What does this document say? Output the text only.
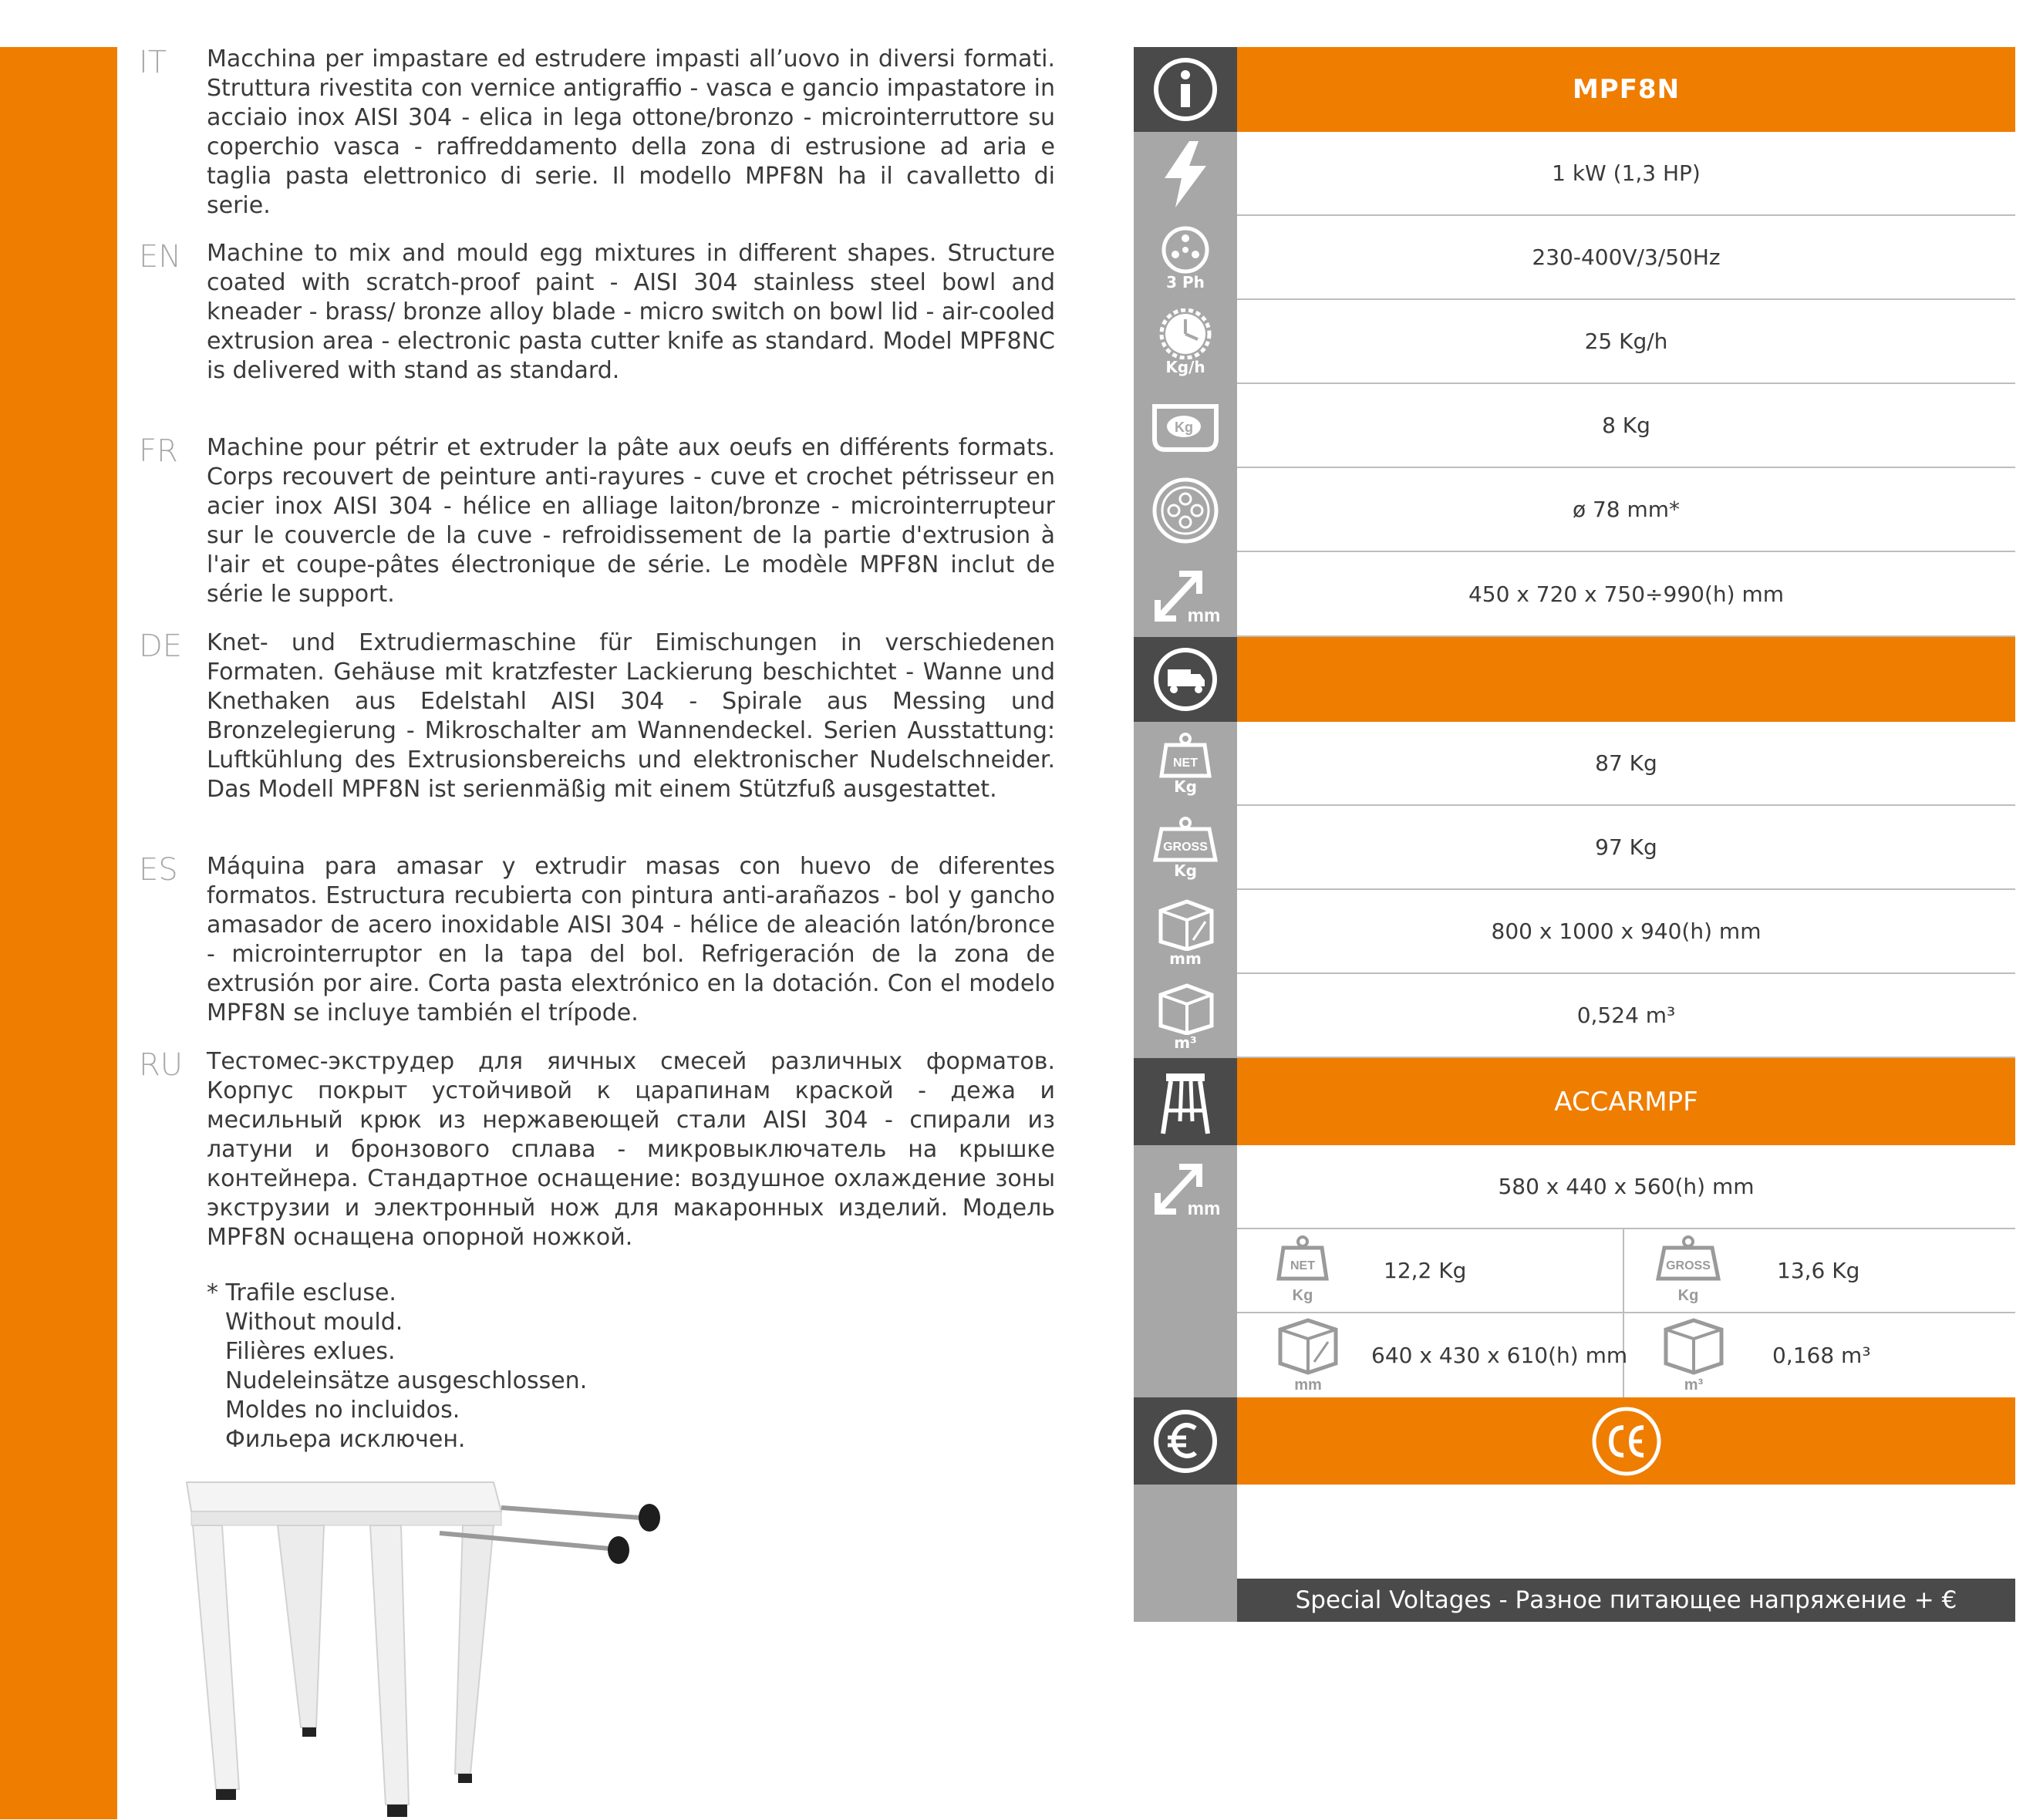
IT Macchina per impastare ed estrudere impasti all’uovo in diversi formati. Struttura rivestita con vernice antigraffio - vasca e gancio impastatore in acciaio inox AISI 304 - elica in lega ottone/bronzo - microinterruttore su coperchio vasca - raffreddamento della zona di estrusione ad aria e taglia pasta elettronico di serie. Il modello MPF8N ha il cavalletto di serie.
EN Machine to mix and mould egg mixtures in different shapes. Structure coated with scratch-proof paint - AISI 304 stainless steel bowl and kneader - brass/ bronze alloy blade - micro switch on bowl lid - air-cooled extrusion area - electronic pasta cutter knife as standard. Model MPF8NC is delivered with stand as standard.
FR Machine pour pétrir et extruder la pâte aux oeufs en différents formats. Corps recouvert de peinture anti-rayures - cuve et crochet pétrisseur en acier inox AISI 304 - hélice en alliage laiton/bronze - microinterrupteur sur le couvercle de la cuve - refroidissement de la partie d'extrusion à l'air et coupe-pâtes électronique de série. Le modèle MPF8N inclut de série le support.
DE Knet- und Extrudiermaschine für Eimischungen in verschiedenen Formaten. Gehäuse mit kratzfester Lackierung beschichtet - Wanne und Knethaken aus Edelstahl AISI 304 - Spirale aus Messing und Bronzelegierung - Mikroschalter am Wannendeckel. Serien Ausstattung: Luftkühlung des Extrusionsbereichs und elektronischer Nudelschneider. Das Modell MPF8N ist serienmäßig mit einem Stützfuß ausgestattet.
ES Máquina para amasar y extrudir masas con huevo de diferentes formatos. Estructura recubierta con pintura anti-arañazos - bol y gancho amasador de acero inoxidable AISI 304 - hélice de aleación latón/bronce - microinterruptor en la tapa del bol. Refrigeración de la zona de extrusión por aire. Corta pasta elextrónico en la dotación. Con el modelo MPF8N se incluye también el trípode.
RU Тестомес-экструдер для яичных смесей различных форматов. Корпус покрыт устойчивой к царапинам краской - дежа и месильный крюк из нержавеющей стали AISI 304 - спирали из латуни и бронзового сплава - микровыключатель на крышке контейнера. Стандартное оснащение: воздушное охлаждение зоны экструзии и электронный нож для макаронных изделий. Модель MPF8N оснащена опорной ножкой.
* Trafile escluse.
Without mould.
Filières exlues.
Nudeleinsätze ausgeschlossen.
Moldes no incluidos.
Фильера исключен.
MPF8N
1 kW (1,3 HP)
3 Ph
230-400V/3/50Hz
Kg/h
25 Kg/h
Kg	8 Kg
ø 78 mm*
mm
450 x 720 x 750÷990(h) mm
NET
Kg
87 Kg
GROSS
Kg
97 Kg
mm
800 x 1000 x 940(h) mm
m³
0,524 m³
ACCARMPF
mm
580 x 440 x 560(h) mm
NET
Kg
12,2 Kg	GROSS
Kg
13,6 Kg
mm
640 x 430 x 610(h) mm
m³
0,168 m³
Special Voltages - Разное питающее напряжение + €
